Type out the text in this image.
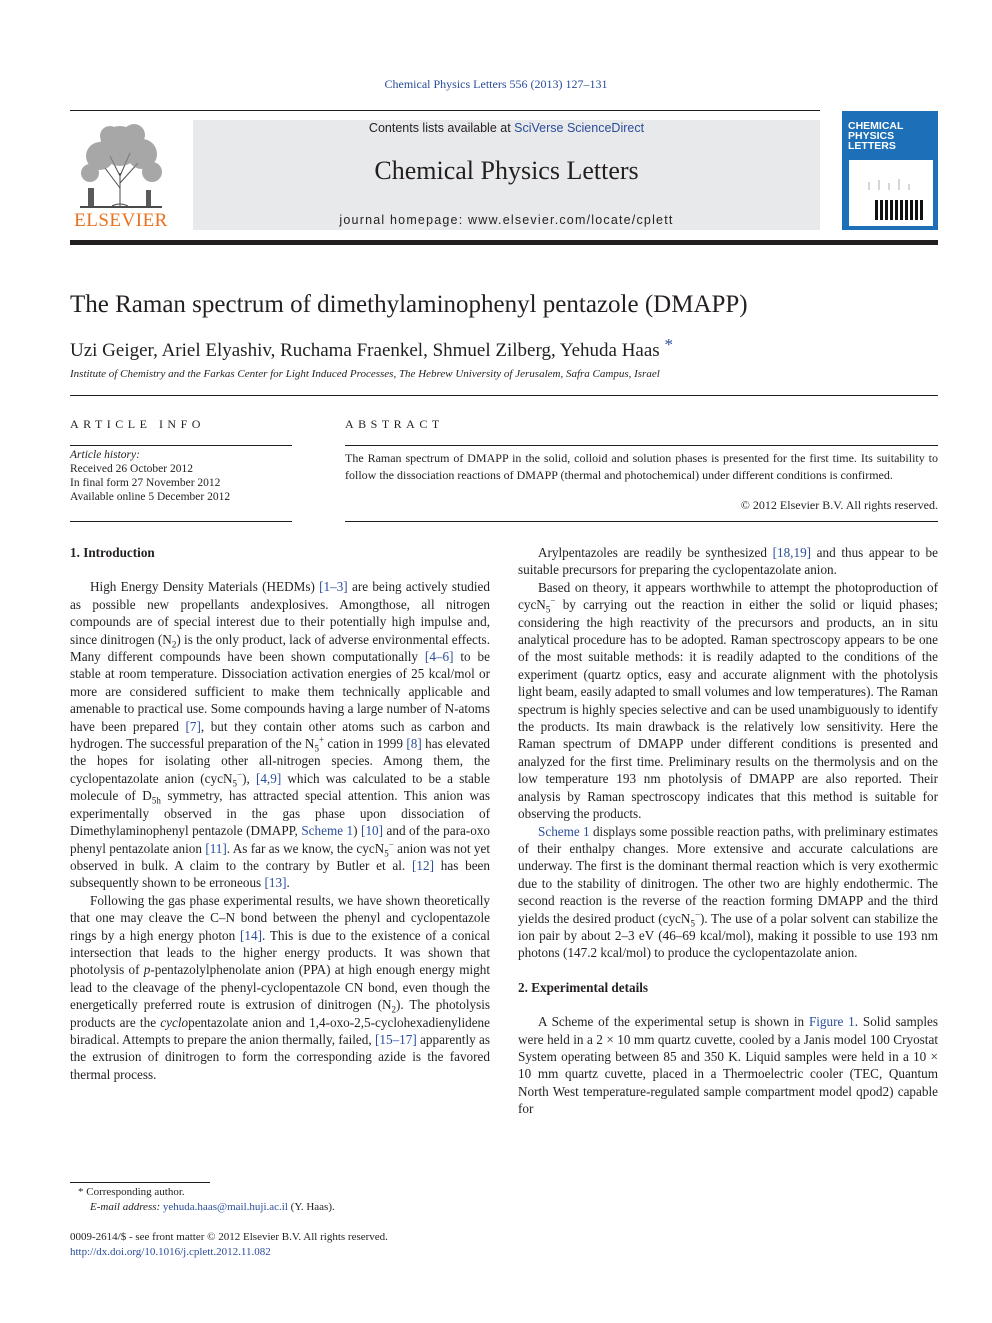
Chemical Physics Letters 556 (2013) 127–131
ELSEVIER
Contents lists available at SciVerse ScienceDirect
Chemical Physics Letters
journal homepage: www.elsevier.com/locate/cplett
CHEMICAL
PHYSICS
LETTERS
The Raman spectrum of dimethylaminophenyl pentazole (DMAPP)
Uzi Geiger, Ariel Elyashiv, Ruchama Fraenkel, Shmuel Zilberg, Yehuda Haas *
Institute of Chemistry and the Farkas Center for Light Induced Processes, The Hebrew University of Jerusalem, Safra Campus, Israel
ARTICLE INFO	ABSTRACT
Article history:
Received 26 October 2012
In final form 27 November 2012
Available online 5 December 2012
The Raman spectrum of DMAPP in the solid, colloid and solution phases is presented for the first time. Its suitability to follow the dissociation reactions of DMAPP (thermal and photochemical) under different conditions is confirmed.
© 2012 Elsevier B.V. All rights reserved.
1. Introduction

High Energy Density Materials (HEDMs) [1–3] are being actively studied as possible new propellants andexplosives. Amongthose, all nitrogen compounds are of special interest due to their potentially high impulse and, since dinitrogen $(N_2)$ is the only product, lack of adverse environmental effects. Many different compounds have been shown computationally [4–6] to be stable at room temperature. Dissociation activation energies of 25 kcal/mol or more are considered sufficient to make them technically applicable and amenable to practical use. Some compounds having a large number of N-atoms have been prepared [7], but they contain other atoms such as carbon and hydrogen. The successful preparation of the $N_5^+$ cation in 1999 [8] has elevated the hopes for isolating other all-nitrogen species. Among them, the cyclopentazolate anion (cycN$_5$−), [4,9] which was calculated to be a stable molecule of $D_{5h}$ symmetry, has attracted special attention. This anion was experimentally observed in the gas phase upon dissociation of Dimethylaminophenyl pentazole (DMAPP, Scheme 1) [10] and of the para-oxo phenyl pentazolate anion [11]. As far as we know, the cycN$_5$− anion was not yet observed in bulk. A claim to the contrary by Butler et al. [12] has been subsequently shown to be erroneous [13].

Following the gas phase experimental results, we have shown theoretically that one may cleave the C–N bond between the phenyl and cyclopentazole rings by a high energy photon [14]. This is due to the existence of a conical intersection that leads to the higher energy products. It was shown that photolysis of p-pentazolylphenolate anion (PPA) at high enough energy might lead to the cleavage of the phenyl-cyclopentazole CN bond, even though the energetically preferred route is extrusion of dinitrogen $(N_2)$. The photolysis products are the cyclopentazolate anion and 1,4-oxo-2,5-cyclohexadienylidene biradical. Attempts to prepare the anion thermally, failed, [15–17] apparently as the extrusion of dinitrogen to form the corresponding azide is the favored thermal process.

Arylpentazoles are readily be synthesized [18,19] and thus appear to be suitable precursors for preparing the cyclopentazolate anion.

Based on theory, it appears worthwhile to attempt the photoproduction of cycN$_5$− by carrying out the reaction in either the solid or liquid phases; considering the high reactivity of the precursors and products, an in situ analytical procedure has to be adopted. Raman spectroscopy appears to be one of the most suitable methods: it is readily adapted to the conditions of the experiment (quartz optics, easy and accurate alignment with the photolysis light beam, easily adapted to small volumes and low temperatures). The Raman spectrum is highly species selective and can be used unambiguously to identify the products. Its main drawback is the relatively low sensitivity. Here the Raman spectrum of DMAPP under different conditions is presented and analyzed for the first time. Preliminary results on the thermolysis and on the low temperature 193 nm photolysis of DMAPP are also reported. Their analysis by Raman spectroscopy indicates that this method is suitable for observing the products.

Scheme 1 displays some possible reaction paths, with preliminary estimates of their enthalpy changes. More extensive and accurate calculations are underway. The first is the dominant thermal reaction which is very exothermic due to the stability of dinitrogen. The other two are highly endothermic. The second reaction is the reverse of the reaction forming DMAPP and the third yields the desired product (cycN$_5$−). The use of a polar solvent can stabilize the ion pair by about 2–3 eV (46–69 kcal/mol), making it possible to use 193 nm photons (147.2 kcal/mol) to produce the cyclopentazolate anion.

2. Experimental details

A Scheme of the experimental setup is shown in Figure 1. Solid samples were held in a 2 × 10 mm quartz cuvette, cooled by a Janis model 100 Cryostat System operating between 85 and 350 K. Liquid samples were held in a 10 × 10 mm quartz cuvette, placed in a Thermoelectric cooler (TEC, Quantum North West temperature-regulated sample compartment model qpod2) capable for

* Corresponding author.
E-mail address: yehuda.haas@mail.huji.ac.il (Y. Haas).
0009-2614/$ - see front matter © 2012 Elsevier B.V. All rights reserved.
http://dx.doi.org/10.1016/j.cplett.2012.11.082
